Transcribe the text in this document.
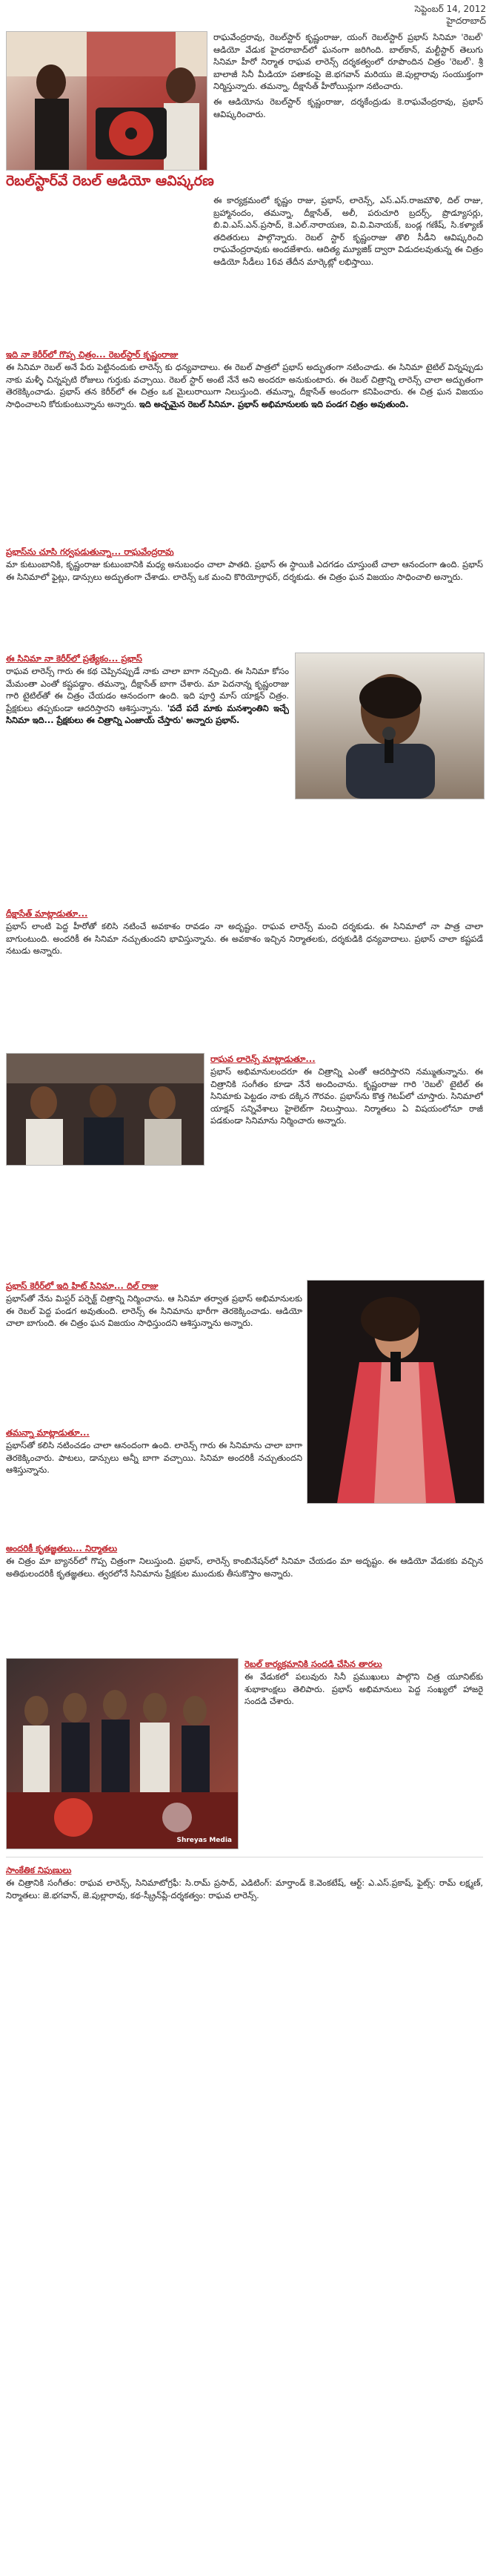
సెప్టెంబర్ 14, 2012
హైదరాబాద్

రాఘవేంద్రరావు, రెబల్‌స్టార్ కృష్ణంరాజు, యంగ్ రెబల్‌స్టార్ ప్రభాస్ సినిమా 'రెబల్' ఆడియో వేడుక హైదరాబాద్‌లో ఘనంగా జరిగింది. బాల్‌కాన్, మల్టీస్టార్ తెలుగు సినిమా హీరో నిర్మాత రాఘవ లారెన్స్ దర్శకత్వంలో రూపొందిన చిత్రం 'రెబల్'. శ్రీ బాలాజీ సినీ మీడియా పతాకంపై జె.భగవాన్ మరియు జె.పుల్లారావు సంయుక్తంగా నిర్మిస్తున్నారు. తమన్నా, దీక్షాసేత్ హీరోయిన్లుగా నటించారు.

ఈ ఆడియోను రెబల్‌స్టార్ కృష్ణంరాజు, దర్శకేంద్రుడు కె.రాఘవేంద్రరావు, ప్రభాస్ ఆవిష్కరించారు.

రెబల్‌స్టార్‌వే రెబల్ ఆడియో ఆవిష్కరణ

ఈ కార్యక్రమంలో కృష్ణం రాజు, ప్రభాస్, లారెన్స్, ఎస్.ఎస్.రాజమౌళి, దిల్ రాజు, బ్రహ్మానందం, తమన్నా, దీక్షాసేత్, అలీ, పరుచూరి బ్రదర్స్, ప్రొడ్యూసర్లు, బి.వి.ఎస్.ఎన్.ప్రసాద్, కె.ఎల్.నారాయణ, వి.వి.వినాయక్, బండ్ల గణేష్, సి.కళ్యాణ్ తదితరులు పాల్గొన్నారు. రెబల్ స్టార్ కృష్ణంరాజు తొలి సీడీని ఆవిష్కరించి రాఘవేంద్రరావుకు అందజేశారు. ఆదిత్య మ్యూజిక్ ద్వారా విడుదలవుతున్న ఈ చిత్రం ఆడియో సీడీలు 16వ తేదీన మార్కెట్లో లభిస్తాయి.

ఇది నా కెరీర్‌లో గొప్ప చిత్రం... రెబల్‌స్టార్ కృష్ణంరాజు

ఈ సినిమా రెబల్ అనే పేరు పెట్టినందుకు లారెన్స్ కు ధన్యవాదాలు. ఈ రెబల్ పాత్రలో ప్రభాస్ అద్భుతంగా నటించాడు. ఈ సినిమా టైటిల్ విన్నప్పుడు నాకు మళ్ళీ చిన్నప్పటి రోజులు గుర్తుకు వచ్చాయి. రెబల్ స్టార్ అంటే నేనే అని అందరూ అనుకుంటారు. ఈ రెబల్ చిత్రాన్ని లారెన్స్ చాలా అద్భుతంగా తెరకెక్కించాడు. ప్రభాస్ తన కెరీర్‌లో ఈ చిత్రం ఒక మైలురాయిగా నిలుస్తుంది. తమన్నా, దీక్షాసేత్ అందంగా కనిపించారు. ఈ చిత్ర ఘన విజయం సాధించాలని కోరుకుంటున్నాను అన్నారు. ఇది అచ్చమైన రెబల్ సినిమా. ప్రభాస్ అభిమానులకు ఇది పండగ చిత్రం అవుతుంది.

ప్రభాస్‌ను చూసి గర్వపడుతున్నా... రాఘవేంద్రరావు

మా కుటుంబానికి, కృష్ణంరాజు కుటుంబానికి మధ్య అనుబంధం చాలా పాతది. ప్రభాస్ ఈ స్థాయికి ఎదగడం చూస్తుంటే చాలా ఆనందంగా ఉంది. ప్రభాస్ ఈ సినిమాలో ఫైట్లు, డాన్సులు అద్భుతంగా చేశాడు. లారెన్స్ ఒక మంచి కొరియోగ్రాఫర్, దర్శకుడు. ఈ చిత్రం ఘన విజయం సాధించాలి అన్నారు.

ఈ సినిమా నా కెరీర్‌లో ప్రత్యేకం... ప్రభాస్

రాఘవ లారెన్స్ గారు ఈ కథ చెప్పినప్పుడే నాకు చాలా బాగా నచ్చింది. ఈ సినిమా కోసం మేమంతా ఎంతో కష్టపడ్డాం. తమన్నా, దీక్షాసేత్ బాగా చేశారు. మా పెదనాన్న కృష్ణంరాజు గారి టైటిల్‌తో ఈ చిత్రం చేయడం ఆనందంగా ఉంది. ఇది పూర్తి మాస్ యాక్షన్ చిత్రం. ప్రేక్షకులు తప్పకుండా ఆదరిస్తారని ఆశిస్తున్నాను. 'పదే పదే మాకు మనశ్శాంతిని ఇచ్చే సినిమా ఇది... ప్రేక్షకులు ఈ చిత్రాన్ని ఎంజాయ్ చేస్తారు' అన్నారు ప్రభాస్.

దీక్షాసేత్ మాట్లాడుతూ...

ప్రభాస్ లాంటి పెద్ద హీరోతో కలిసి నటించే అవకాశం రావడం నా అదృష్టం. రాఘవ లారెన్స్ మంచి దర్శకుడు. ఈ సినిమాలో నా పాత్ర చాలా బాగుంటుంది. అందరికీ ఈ సినిమా నచ్చుతుందని భావిస్తున్నాను. ఈ అవకాశం ఇచ్చిన నిర్మాతలకు, దర్శకుడికి ధన్యవాదాలు. ప్రభాస్ చాలా కష్టపడే నటుడు అన్నారు.

రాఘవ లారెన్స్ మాట్లాడుతూ...

ప్రభాస్ అభిమానులందరూ ఈ చిత్రాన్ని ఎంతో ఆదరిస్తారని నమ్ముతున్నాను. ఈ చిత్రానికి సంగీతం కూడా నేనే అందించాను. కృష్ణంరాజు గారి 'రెబల్' టైటిల్ ఈ సినిమాకు పెట్టడం నాకు దక్కిన గౌరవం. ప్రభాస్‌ను కొత్త గెటప్‌లో చూస్తారు. సినిమాలో యాక్షన్ సన్నివేశాలు హైలెట్‌గా నిలుస్తాయి. నిర్మాతలు ఏ విషయంలోనూ రాజీ పడకుండా సినిమాను నిర్మించారు అన్నారు.

ప్రభాస్ కెరీర్‌లో ఇది హిట్ సినిమా... దిల్ రాజు

ప్రభాస్‌తో నేను మిస్టర్ పర్ఫెక్ట్ చిత్రాన్ని నిర్మించాను. ఆ సినిమా తర్వాత ప్రభాస్ అభిమానులకు ఈ రెబల్ పెద్ద పండగ అవుతుంది. లారెన్స్ ఈ సినిమాను భారీగా తెరకెక్కించాడు. ఆడియో చాలా బాగుంది. ఈ చిత్రం ఘన విజయం సాధిస్తుందని ఆశిస్తున్నాను అన్నారు.

తమన్నా మాట్లాడుతూ...

ప్రభాస్‌తో కలిసి నటించడం చాలా ఆనందంగా ఉంది. లారెన్స్ గారు ఈ సినిమాను చాలా బాగా తెరకెక్కించారు. పాటలు, డాన్సులు అన్నీ బాగా వచ్చాయి. సినిమా అందరికీ నచ్చుతుందని ఆశిస్తున్నాను.

అందరికీ కృతజ్ఞతలు... నిర్మాతలు

ఈ చిత్రం మా బ్యానర్‌లో గొప్ప చిత్రంగా నిలుస్తుంది. ప్రభాస్, లారెన్స్ కాంబినేషన్‌లో సినిమా చేయడం మా అదృష్టం. ఈ ఆడియో వేడుకకు వచ్చిన అతిథులందరికీ కృతజ్ఞతలు. త్వరలోనే సినిమాను ప్రేక్షకుల ముందుకు తీసుకొస్తాం అన్నారు.

Shreyas Media

రెబల్ కార్యక్రమానికి సందడి చేసిన తారలు

ఈ వేడుకలో పలువురు సినీ ప్రముఖులు పాల్గొని చిత్ర యూనిట్‌కు శుభాకాంక్షలు తెలిపారు. ప్రభాస్ అభిమానులు పెద్ద సంఖ్యలో హాజరై సందడి చేశారు.

సాంకేతిక నిపుణులు

ఈ చిత్రానికి సంగీతం: రాఘవ లారెన్స్, సినిమాటోగ్రఫీ: సి.రామ్ ప్రసాద్, ఎడిటింగ్: మార్తాండ్ కె.వెంకటేష్, ఆర్ట్: ఎ.ఎస్.ప్రకాష్, ఫైట్స్: రామ్ లక్ష్మణ్, నిర్మాతలు: జె.భగవాన్, జె.పుల్లారావు, కథ-స్క్రీన్‌ప్లే-దర్శకత్వం: రాఘవ లారెన్స్.
